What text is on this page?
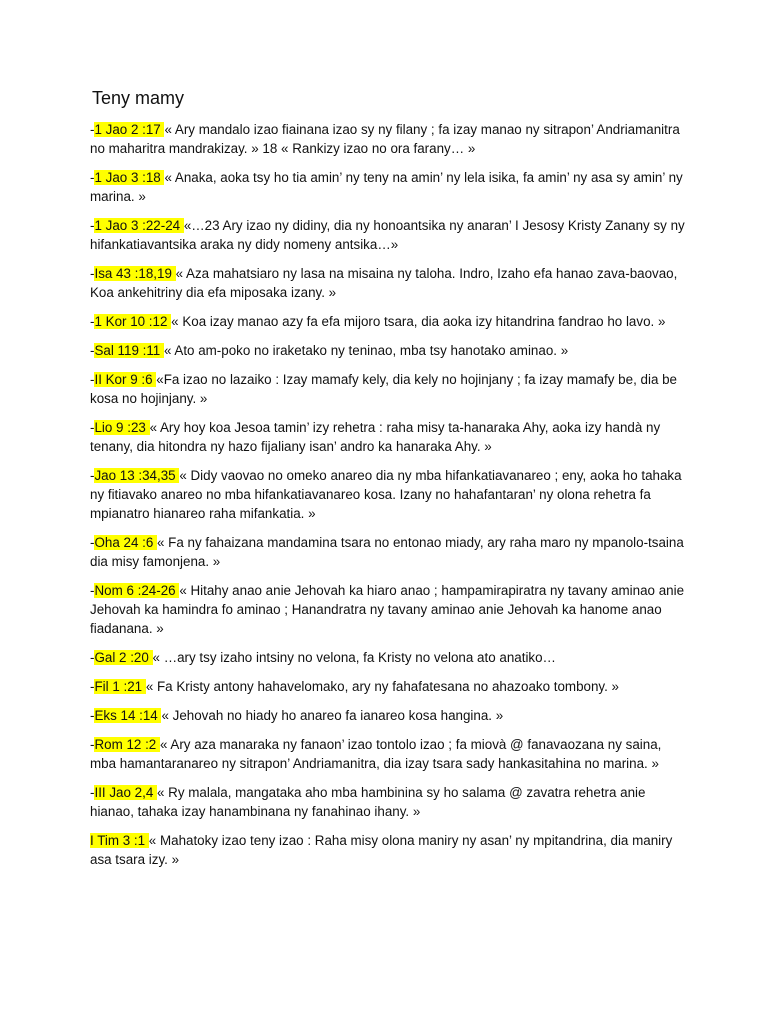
Teny mamy

-1 Jao 2 :17 « Ary mandalo izao fiainana izao sy ny filany ; fa izay manao ny sitrapon’ Andriamanitra no maharitra mandrakizay. » 18 « Rankizy izao no ora farany… »

-1 Jao 3 :18 « Anaka, aoka tsy ho tia amin’ ny teny na amin’ ny lela isika, fa amin’ ny asa sy amin’ ny marina. »

-1 Jao 3 :22-24 «…23 Ary izao ny didiny, dia ny honoantsika ny anaran’ I Jesosy Kristy Zanany sy ny hifankatiavantsika araka ny didy nomeny antsika…»

-Isa 43 :18,19 « Aza mahatsiaro ny lasa na misaina ny taloha. Indro, Izaho efa hanao zava-baovao, Koa ankehitriny dia efa miposaka izany. »

-1 Kor 10 :12 « Koa izay manao azy fa efa mijoro tsara, dia aoka izy hitandrina fandrao ho lavo. »

-Sal 119 :11 « Ato am-poko no iraketako ny teninao, mba tsy hanotako aminao. »

-II Kor 9 :6 «Fa izao no lazaiko : Izay mamafy kely, dia kely no hojinjany ; fa izay mamafy be, dia be kosa no hojinjany. »

-Lio 9 :23 « Ary hoy koa Jesoa tamin’ izy rehetra : raha misy ta-hanaraka Ahy, aoka izy handà ny tenany, dia hitondra ny hazo fijaliany isan’ andro ka hanaraka Ahy. »

-Jao 13 :34,35 « Didy vaovao no omeko anareo dia ny mba hifankatiavanareo ; eny, aoka ho tahaka ny fitiavako anareo no mba hifankatiavanareo kosa. Izany no hahafantaran’ ny olona rehetra fa mpianatro hianareo raha mifankatia. »

-Oha 24 :6 « Fa ny fahaizana mandamina tsara no entonao miady, ary raha maro ny mpanolo-tsaina dia misy famonjena. »

-Nom 6 :24-26 « Hitahy anao anie Jehovah ka hiaro anao ; hampamirapiratra ny tavany aminao anie Jehovah ka hamindra fo aminao ; Hanandratra ny tavany aminao anie Jehovah ka hanome anao fiadanana. »

-Gal 2 :20 « …ary tsy izaho intsiny no velona, fa Kristy no velona ato anatiko…

-Fil 1 :21 « Fa Kristy antony hahavelomako, ary ny fahafatesana no ahazoako tombony. »

-Eks 14 :14 « Jehovah no hiady ho anareo fa ianareo kosa hangina. »

-Rom 12 :2 « Ary aza manaraka ny fanaon’ izao tontolo izao ; fa miovà @ fanavaozana ny saina, mba hamantaranareo ny sitrapon’ Andriamanitra, dia izay tsara sady hankasitahina no marina. »

-III Jao 2,4 « Ry malala, mangataka aho mba hambinina sy ho salama @ zavatra rehetra anie hianao, tahaka izay hanambinana ny fanahinao ihany. »

I Tim 3 :1 « Mahatoky izao teny izao : Raha misy olona maniry ny asan’ ny mpitandrina, dia maniry asa tsara izy. »
